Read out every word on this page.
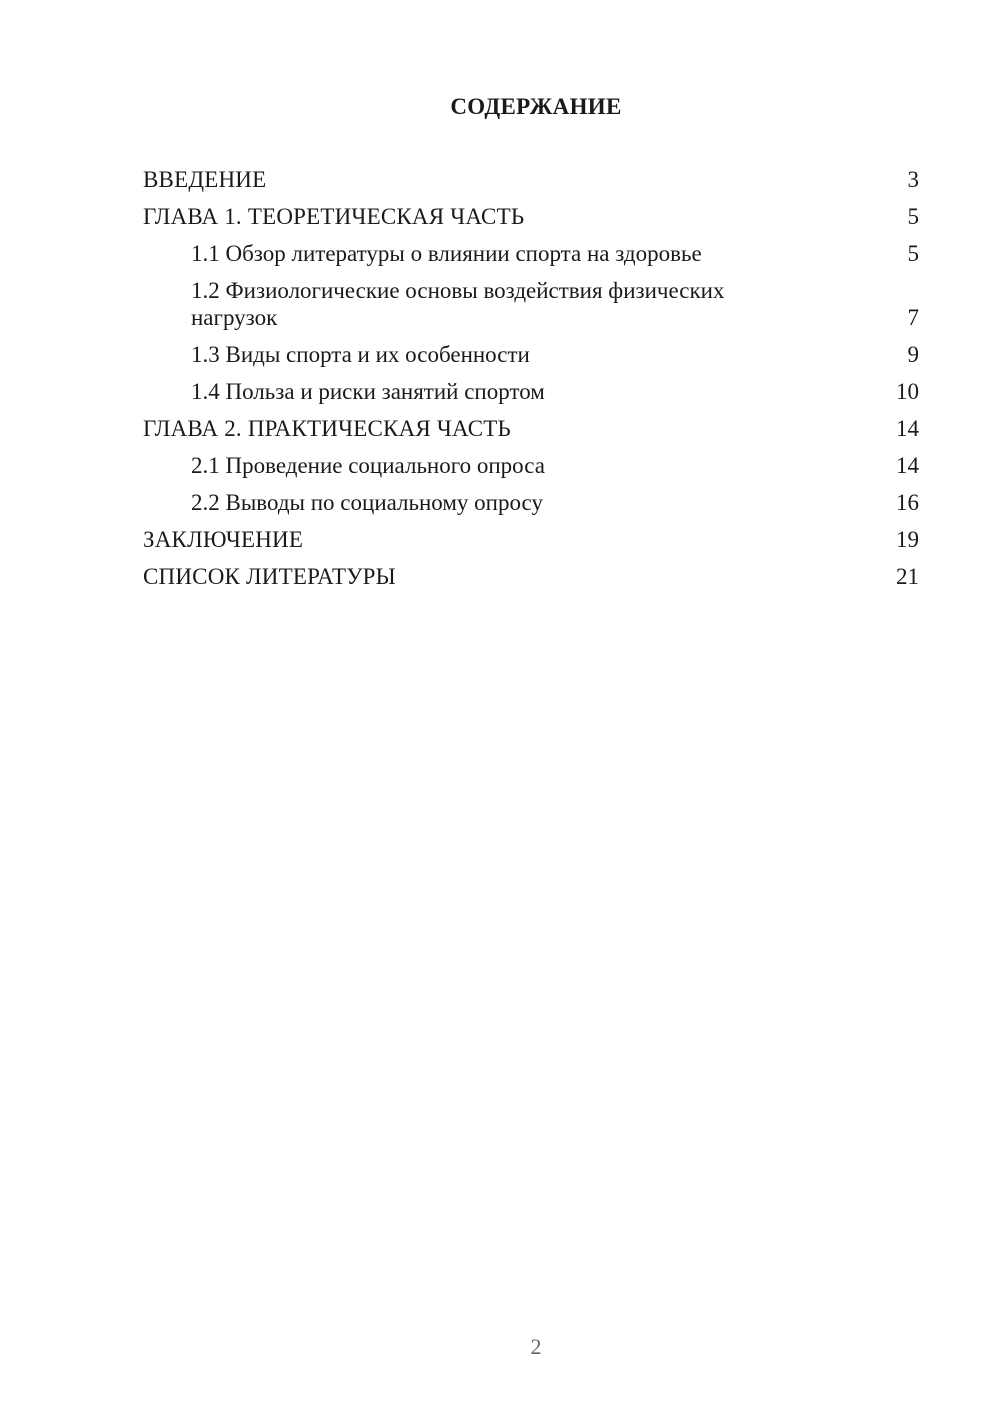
СОДЕРЖАНИЕ
ВВЕДЕНИЕ	3
ГЛАВА 1. ТЕОРЕТИЧЕСКАЯ ЧАСТЬ	5
1.1 Обзор литературы о влиянии спорта на здоровье	5
1.2 Физиологические основы воздействия физических нагрузок	7
1.3 Виды спорта и их особенности	9
1.4 Польза и риски занятий спортом	10
ГЛАВА 2. ПРАКТИЧЕСКАЯ ЧАСТЬ	14
2.1 Проведение социального опроса	14
2.2 Выводы по социальному опросу	16
ЗАКЛЮЧЕНИЕ	19
СПИСОК ЛИТЕРАТУРЫ	21
2
